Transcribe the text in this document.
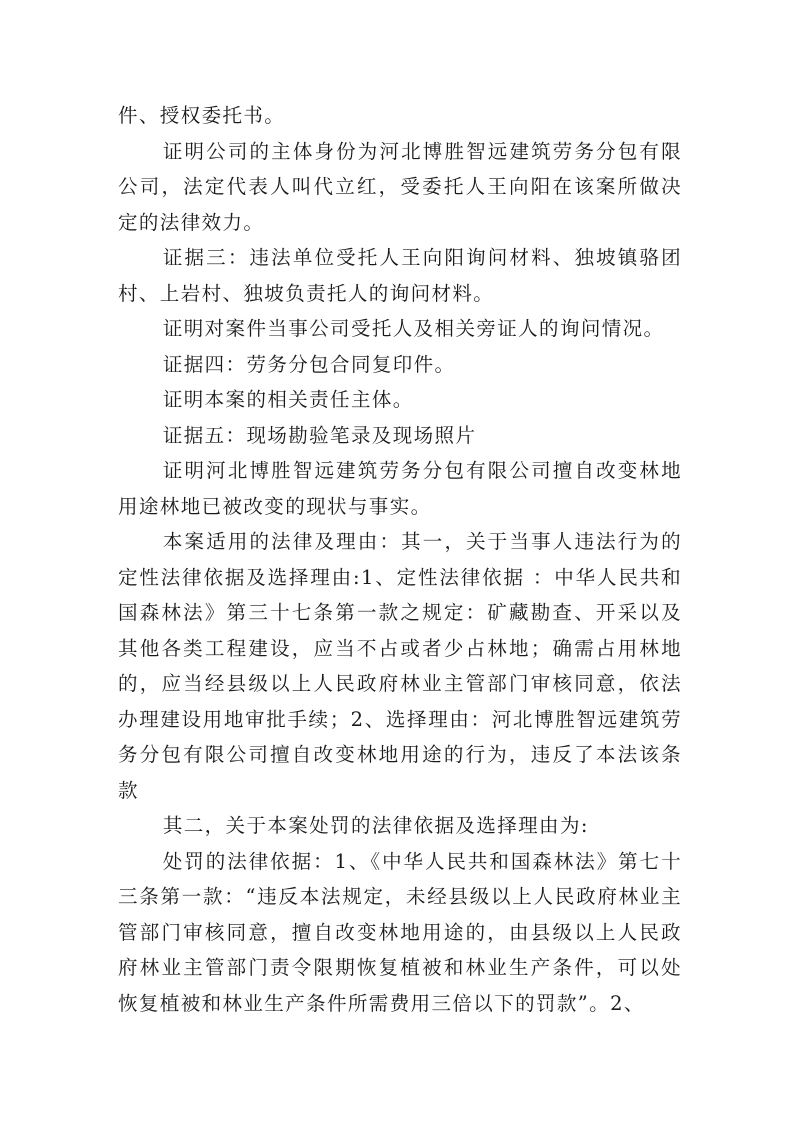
件、授权委托书。

证明公司的主体身份为河北博胜智远建筑劳务分包有限公司，法定代表人叫代立红，受委托人王向阳在该案所做决定的法律效力。

证据三：违法单位受托人王向阳询问材料、独坡镇骆团村、上岩村、独坡负责托人的询问材料。

证明对案件当事公司受托人及相关旁证人的询问情况。

证据四：劳务分包合同复印件。

证明本案的相关责任主体。

证据五：现场勘验笔录及现场照片

证明河北博胜智远建筑劳务分包有限公司擅自改变林地用途林地已被改变的现状与事实。

本案适用的法律及理由：其一，关于当事人违法行为的定性法律依据及选择理由:1、定性法律依据 ：中华人民共和国森林法》第三十七条第一款之规定：矿藏勘查、开采以及其他各类工程建设，应当不占或者少占林地；确需占用林地的，应当经县级以上人民政府林业主管部门审核同意，依法办理建设用地审批手续；2、选择理由：河北博胜智远建筑劳务分包有限公司擅自改变林地用途的行为，违反了本法该条款

其二，关于本案处罚的法律依据及选择理由为:

处罚的法律依据：1、《中华人民共和国森林法》第七十三条第一款：“违反本法规定，未经县级以上人民政府林业主管部门审核同意，擅自改变林地用途的，由县级以上人民政府林业主管部门责令限期恢复植被和林业生产条件，可以处恢复植被和林业生产条件所需费用三倍以下的罚款”。2、
